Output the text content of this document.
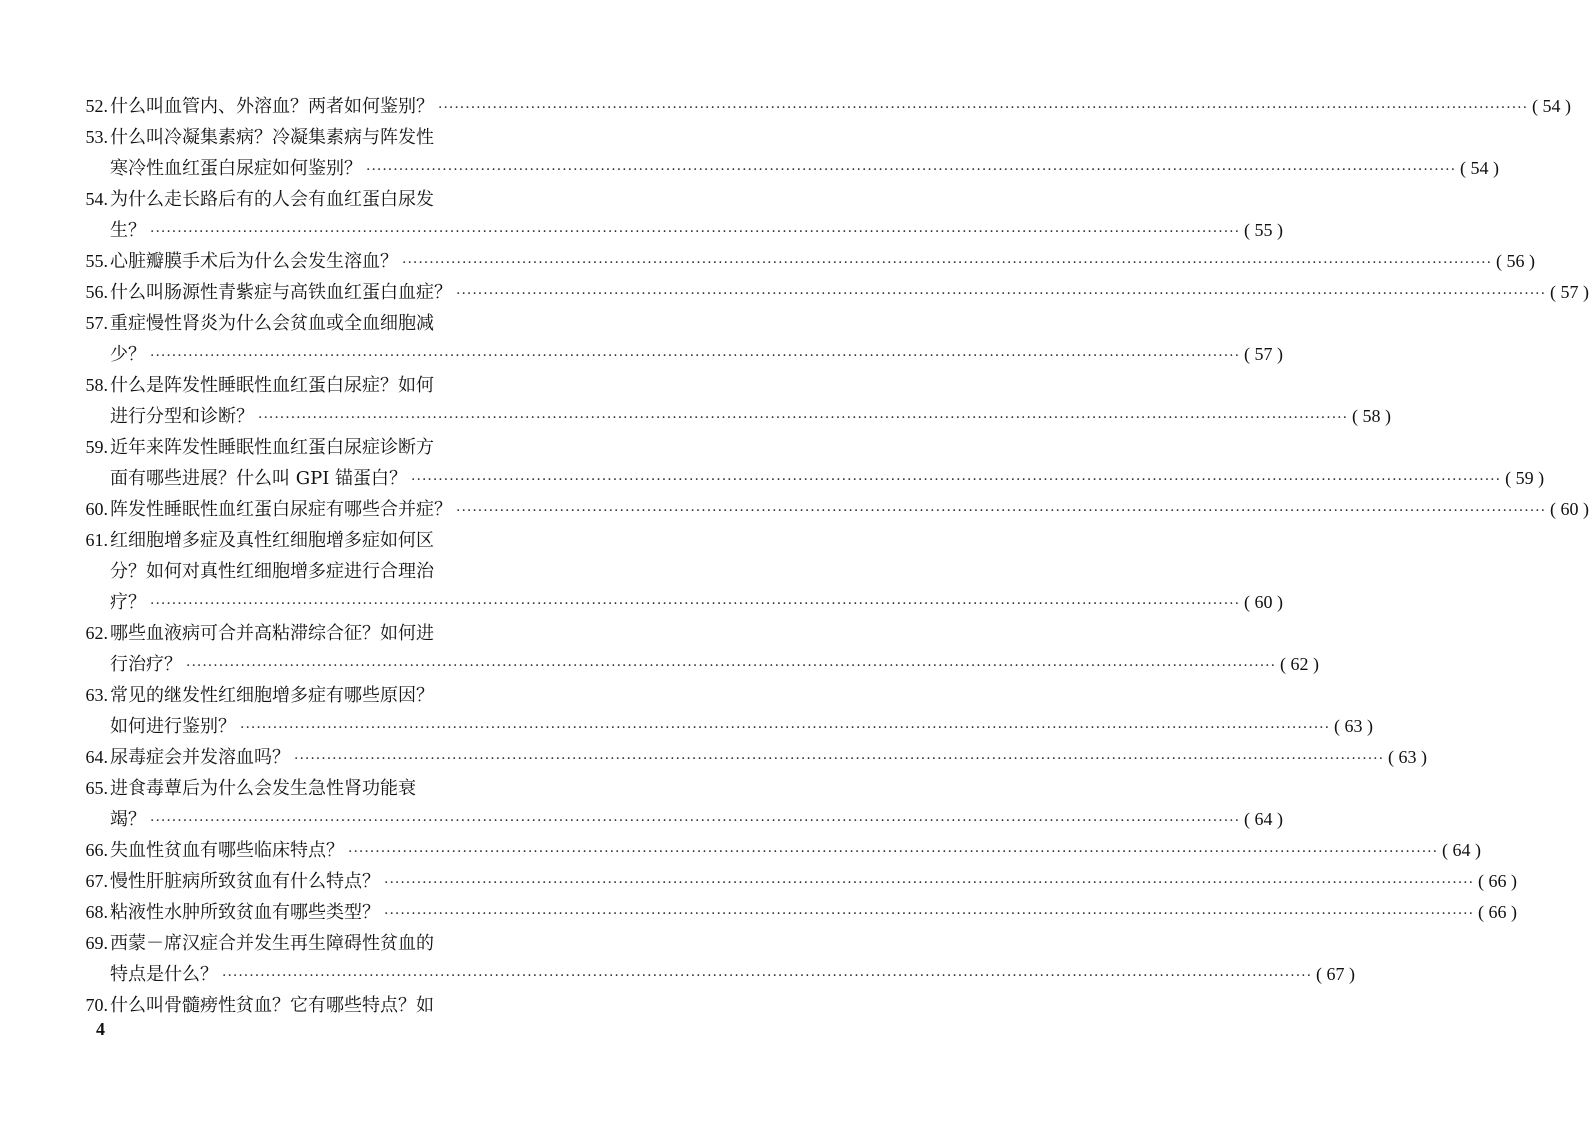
52. 什么叫血管内、外溶血？两者如何鉴别？ ········································································································································································································ ( 54 )
53. 什么叫冷凝集素病？冷凝集素病与阵发性
寒冷性血红蛋白尿症如何鉴别？ ········································································································································································································ ( 54 )
54. 为什么走长路后有的人会有血红蛋白尿发
生？ ········································································································································································································ ( 55 )
55. 心脏瓣膜手术后为什么会发生溶血？ ········································································································································································································ ( 56 )
56. 什么叫肠源性青紫症与高铁血红蛋白血症？ ········································································································································································································ ( 57 )
57. 重症慢性肾炎为什么会贫血或全血细胞减
少？ ········································································································································································································ ( 57 )
58. 什么是阵发性睡眠性血红蛋白尿症？如何
进行分型和诊断？ ········································································································································································································ ( 58 )
59. 近年来阵发性睡眠性血红蛋白尿症诊断方
面有哪些进展？什么叫 GPI 锚蛋白？ ········································································································································································································ ( 59 )
60. 阵发性睡眠性血红蛋白尿症有哪些合并症？ ········································································································································································································ ( 60 )
61. 红细胞增多症及真性红细胞增多症如何区
分？如何对真性红细胞增多症进行合理治
疗？ ········································································································································································································ ( 60 )
62. 哪些血液病可合并高粘滞综合征？如何进
行治疗？ ········································································································································································································ ( 62 )
63. 常见的继发性红细胞增多症有哪些原因？
如何进行鉴别？ ········································································································································································································ ( 63 )
64. 尿毒症会并发溶血吗？ ········································································································································································································ ( 63 )
65. 进食毒蕈后为什么会发生急性肾功能衰
竭？ ········································································································································································································ ( 64 )
66. 失血性贫血有哪些临床特点？ ········································································································································································································ ( 64 )
67. 慢性肝脏病所致贫血有什么特点？ ········································································································································································································ ( 66 )
68. 粘液性水肿所致贫血有哪些类型？ ········································································································································································································ ( 66 )
69. 西蒙－席汉症合并发生再生障碍性贫血的
特点是什么？ ········································································································································································································ ( 67 )
70. 什么叫骨髓痨性贫血？它有哪些特点？如
4
